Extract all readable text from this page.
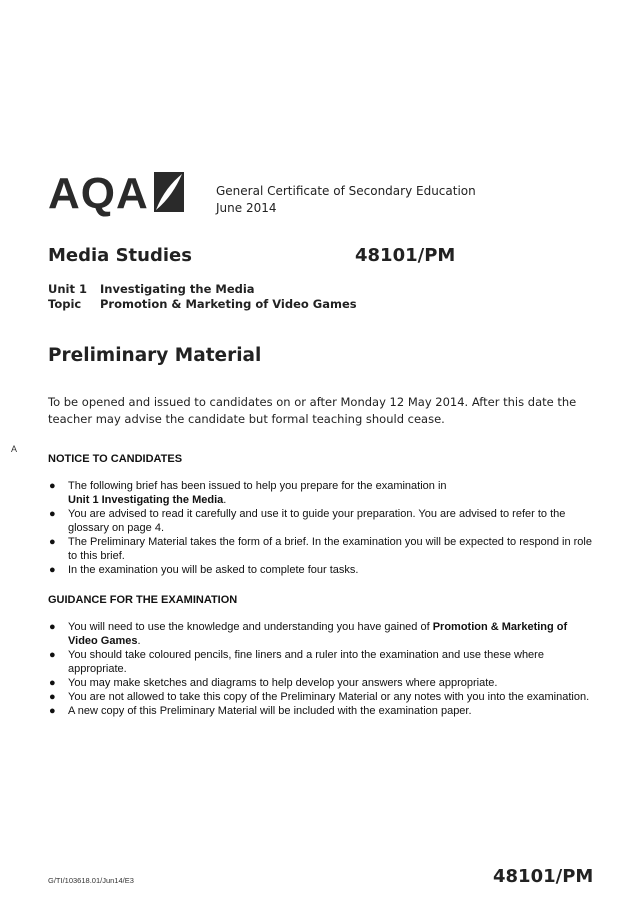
AQA	General Certificate of Secondary Education
June 2014
Media Studies	48101/PM
Unit 1	Investigating the Media
Topic	Promotion & Marketing of Video Games
Preliminary Material
To be opened and issued to candidates on or after Monday 12 May 2014. After this date the teacher may advise the candidate but formal teaching should cease.
A
NOTICE TO CANDIDATES
● The following brief has been issued to help you prepare for the examination in
Unit 1 Investigating the Media.
● You are advised to read it carefully and use it to guide your preparation. You are advised to refer to the glossary on page 4.
● The Preliminary Material takes the form of a brief. In the examination you will be expected to respond in role to this brief.
● In the examination you will be asked to complete four tasks.
GUIDANCE FOR THE EXAMINATION
● You will need to use the knowledge and understanding you have gained of Promotion & Marketing of Video Games.
● You should take coloured pencils, fine liners and a ruler into the examination and use these where appropriate.
● You may make sketches and diagrams to help develop your answers where appropriate.
● You are not allowed to take this copy of the Preliminary Material or any notes with you into the examination.
● A new copy of this Preliminary Material will be included with the examination paper.
G/TI/103618.01/Jun14/E3	48101/PM
